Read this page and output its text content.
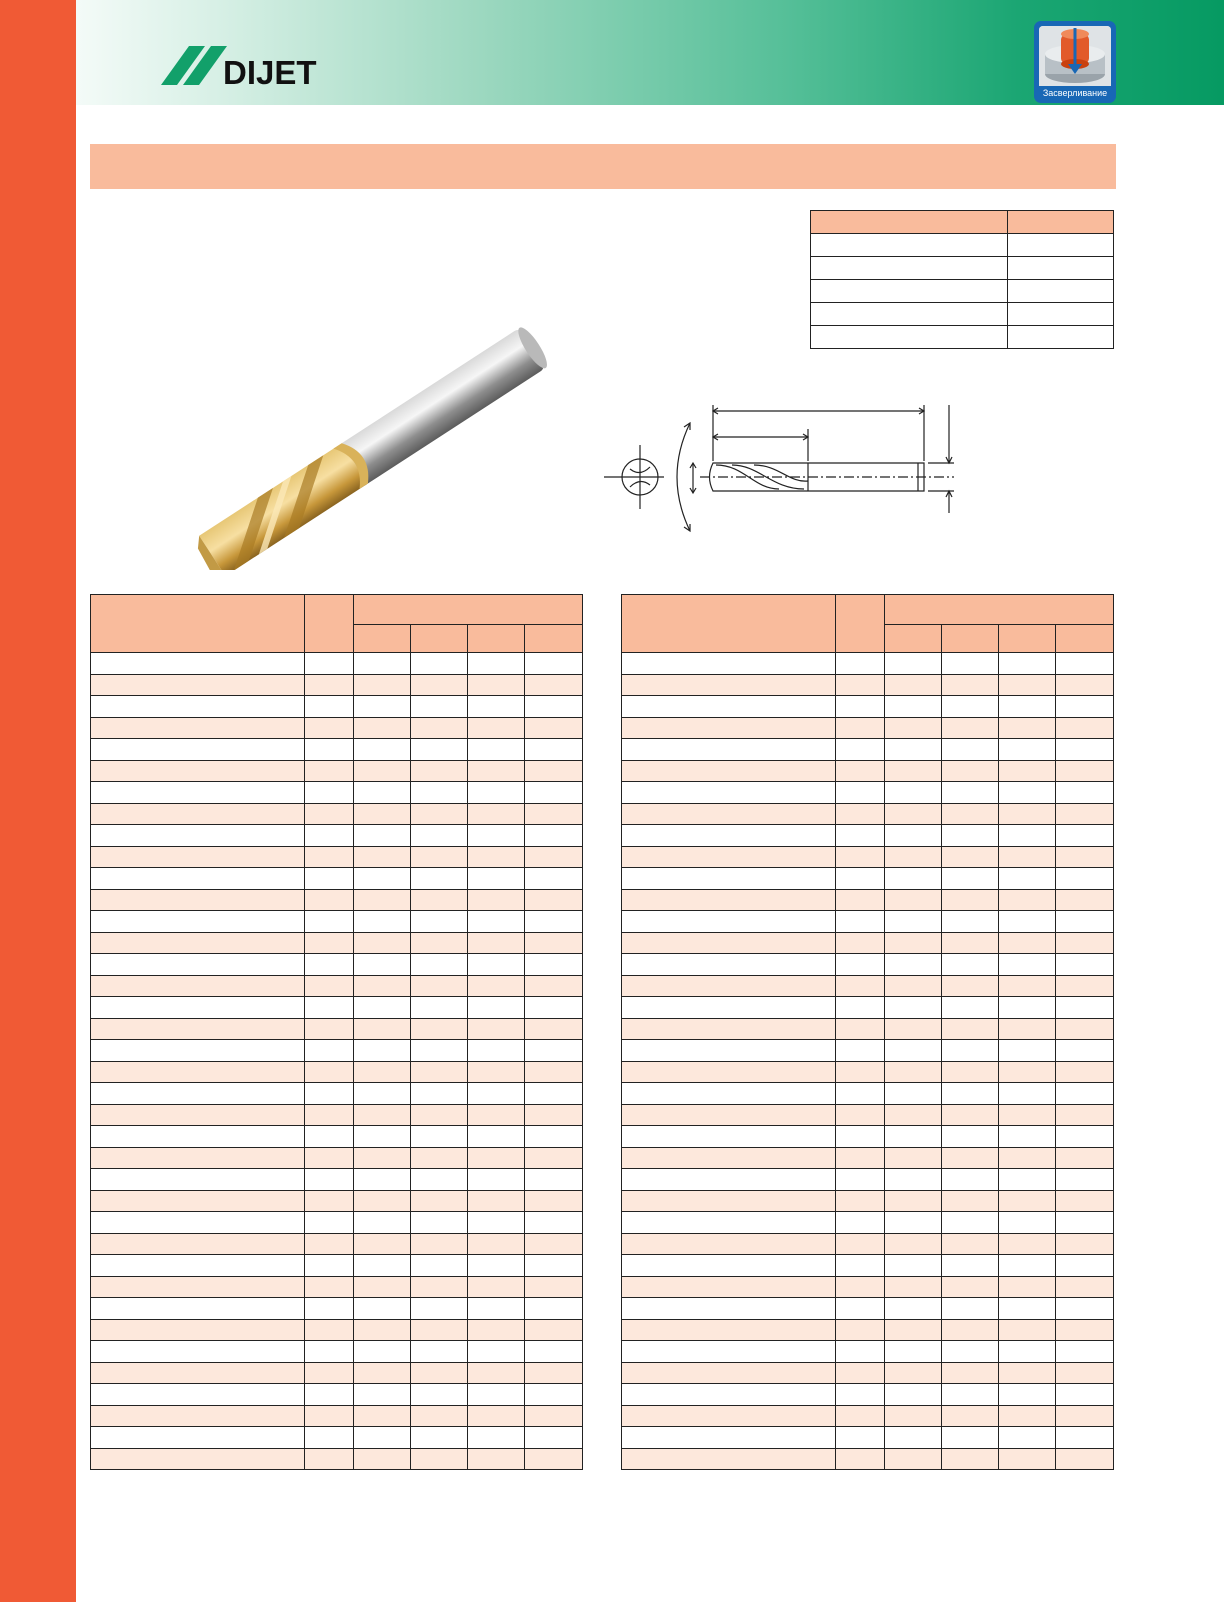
DIJET
Засверливание
